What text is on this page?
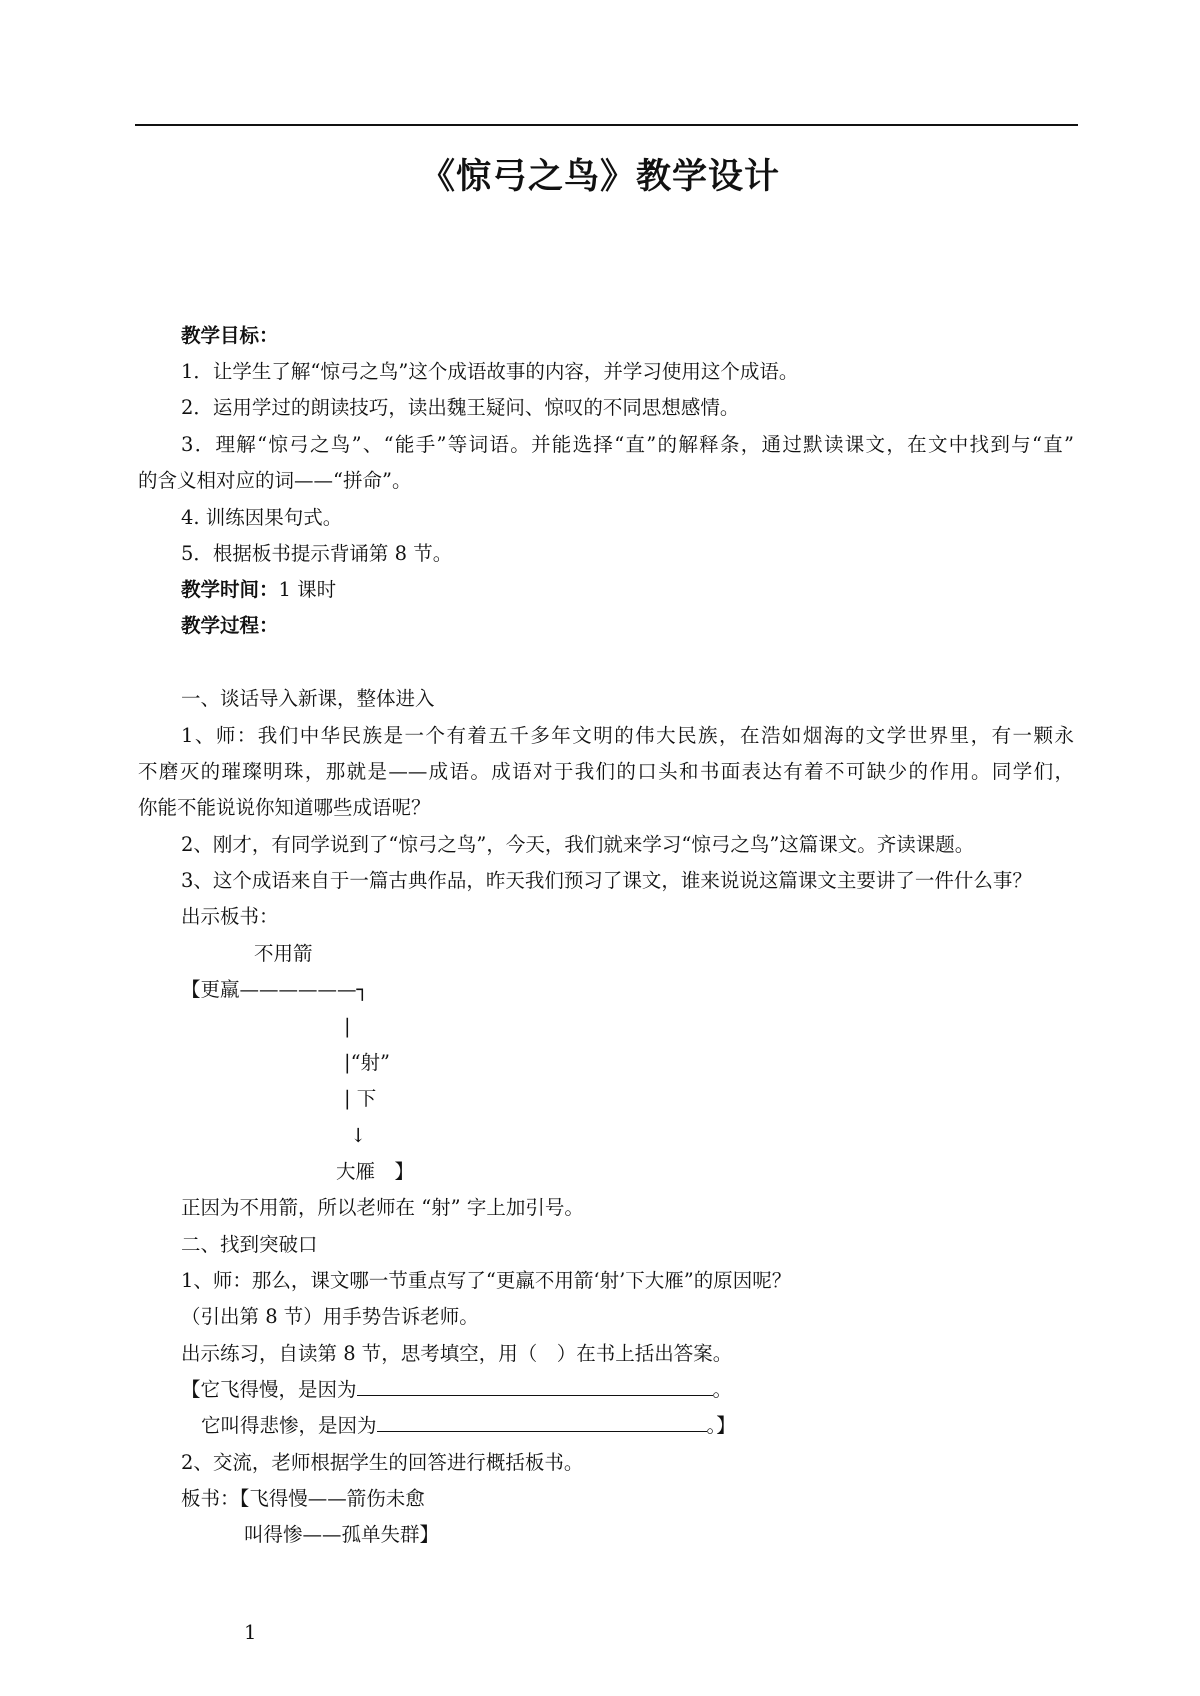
《惊弓之鸟》教学设计
教学目标：
1．让学生了解“惊弓之鸟”这个成语故事的内容，并学习使用这个成语。
2．运用学过的朗读技巧，读出魏王疑问、惊叹的不同思想感情。
3．理解“惊弓之鸟”、“能手”等词语。并能选择“直”的解释条，通过默读课文，在文中找到与“直”
的含义相对应的词——“拼命”。
4. 训练因果句式。
5．根据板书提示背诵第 8 节。
教学时间：1 课时
教学过程：
一、谈话导入新课，整体进入
1、师：我们中华民族是一个有着五千多年文明的伟大民族，在浩如烟海的文学世界里，有一颗永
不磨灭的璀璨明珠，那就是——成语。成语对于我们的口头和书面表达有着不可缺少的作用。同学们，
你能不能说说你知道哪些成语呢？
2、刚才，有同学说到了“惊弓之鸟”，今天，我们就来学习“惊弓之鸟”这篇课文。齐读课题。
3、这个成语来自于一篇古典作品，昨天我们预习了课文，谁来说说这篇课文主要讲了一件什么事？
出示板书：
不用箭
【更羸——————┐
|
|“射”
| 下
↓
大雁　】
正因为不用箭，所以老师在 “射” 字上加引号。
二、找到突破口
1、师：那么，课文哪一节重点写了“更羸不用箭‘射’下大雁”的原因呢？
（引出第 8 节）用手势告诉老师。
出示练习，自读第 8 节，思考填空，用（　）在书上括出答案。
【它飞得慢，是因为	。
它叫得悲惨，是因为	。】
2、交流，老师根据学生的回答进行概括板书。
板书：【飞得慢——箭伤未愈
叫得惨——孤单失群】
1
